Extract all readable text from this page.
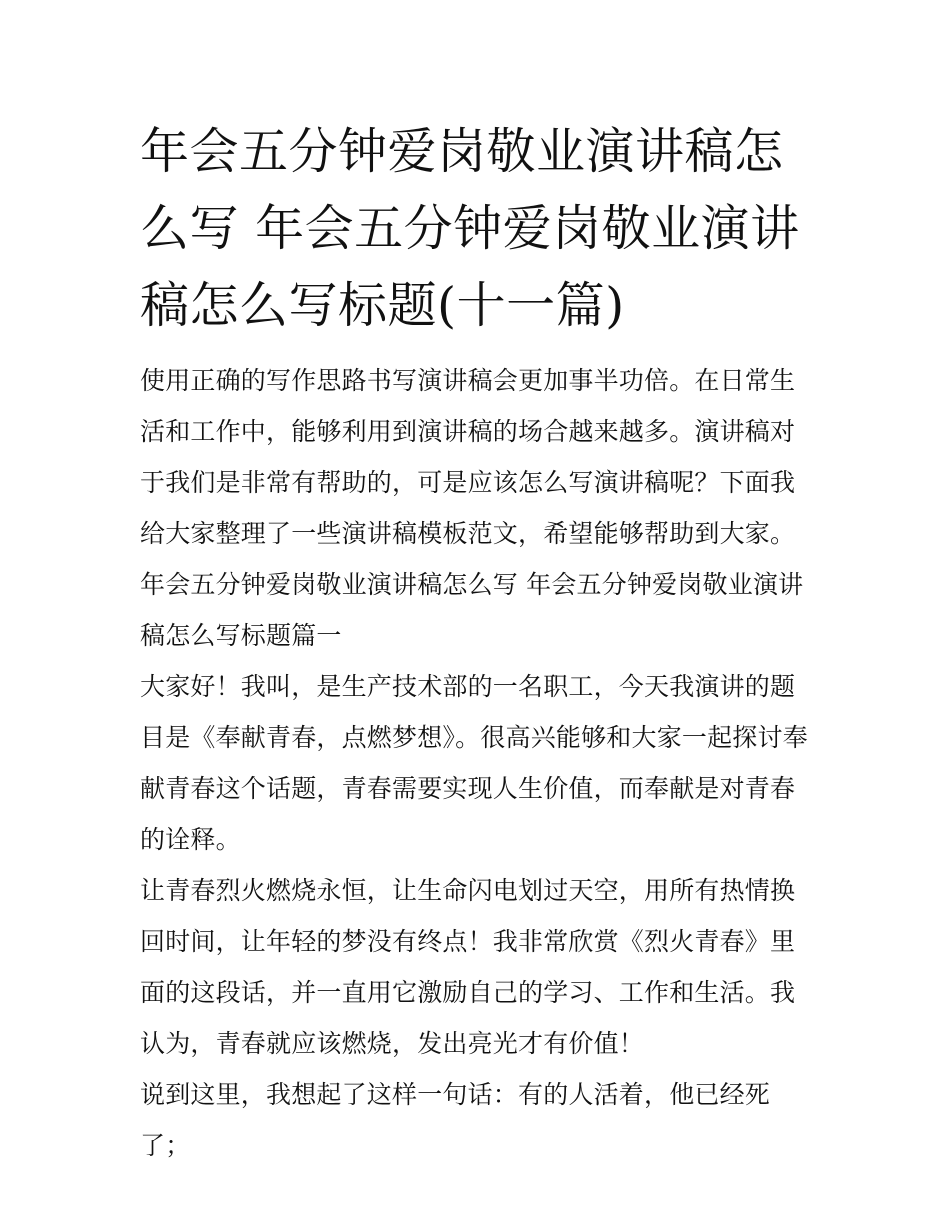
年会五分钟爱岗敬业演讲稿怎么写 年会五分钟爱岗敬业演讲稿怎么写标题(十一篇)

使用正确的写作思路书写演讲稿会更加事半功倍。在日常生活和工作中，能够利用到演讲稿的场合越来越多。演讲稿对于我们是非常有帮助的，可是应该怎么写演讲稿呢？下面我给大家整理了一些演讲稿模板范文，希望能够帮助到大家。

年会五分钟爱岗敬业演讲稿怎么写 年会五分钟爱岗敬业演讲稿怎么写标题篇一

大家好！我叫，是生产技术部的一名职工，今天我演讲的题目是《奉献青春，点燃梦想》。很高兴能够和大家一起探讨奉献青春这个话题，青春需要实现人生价值，而奉献是对青春的诠释。

让青春烈火燃烧永恒，让生命闪电划过天空，用所有热情换回时间，让年轻的梦没有终点！我非常欣赏《烈火青春》里面的这段话，并一直用它激励自己的学习、工作和生活。我认为，青春就应该燃烧，发出亮光才有价值！

说到这里，我想起了这样一句话：有的人活着，他已经死了；
